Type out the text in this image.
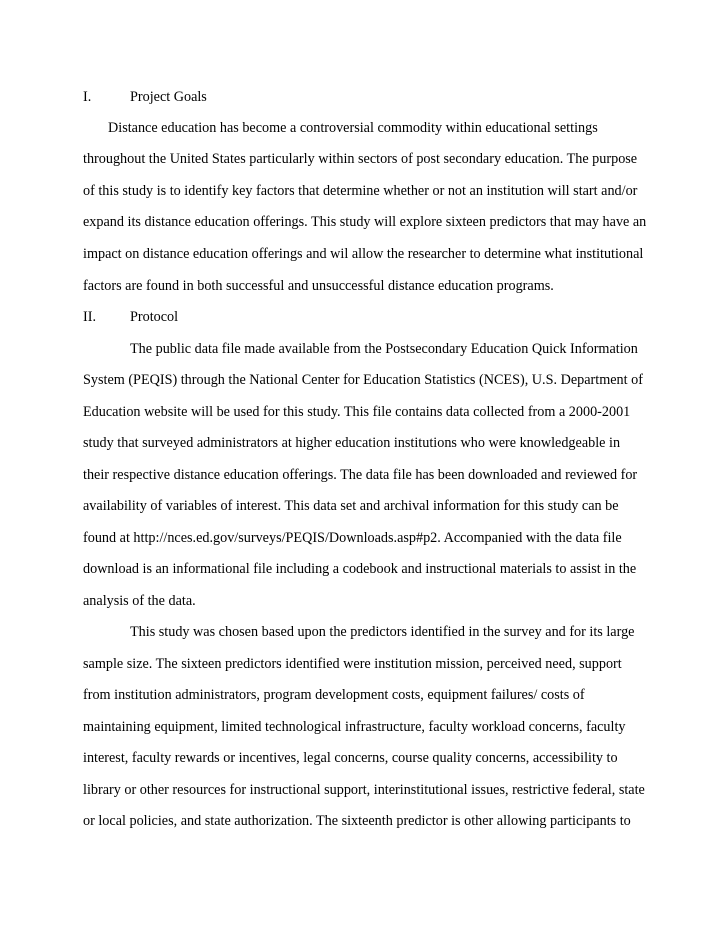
I.	Project Goals
Distance education has become a controversial commodity within educational settings
throughout the United States particularly within sectors of post secondary education. The purpose
of this study is to identify key factors that determine whether or not an institution will start and/or
expand its distance education offerings. This study will explore sixteen predictors that may have an
impact on distance education offerings and wil allow the researcher to determine what institutional
factors are found in both successful and unsuccessful distance education programs.
II. Protocol
The public data file made available from the Postsecondary Education Quick Information
System (PEQIS) through the National Center for Education Statistics (NCES), U.S. Department of
Education website will be used for this study. This file contains data collected from a 2000-2001
study that surveyed administrators at higher education institutions who were knowledgeable in
their respective distance education offerings. The data file has been downloaded and reviewed for
availability of variables of interest. This data set and archival information for this study can be
found at http://nces.ed.gov/surveys/PEQIS/Downloads.asp#p2. Accompanied with the data file
download is an informational file including a codebook and instructional materials to assist in the
analysis of the data.
This study was chosen based upon the predictors identified in the survey and for its large
sample size. The sixteen predictors identified were institution mission, perceived need, support
from institution administrators, program development costs, equipment failures/ costs of
maintaining equipment, limited technological infrastructure, faculty workload concerns, faculty
interest, faculty rewards or incentives, legal concerns, course quality concerns, accessibility to
library or other resources for instructional support, interinstitutional issues, restrictive federal, state
or local policies, and state authorization. The sixteenth predictor is other allowing participants to
